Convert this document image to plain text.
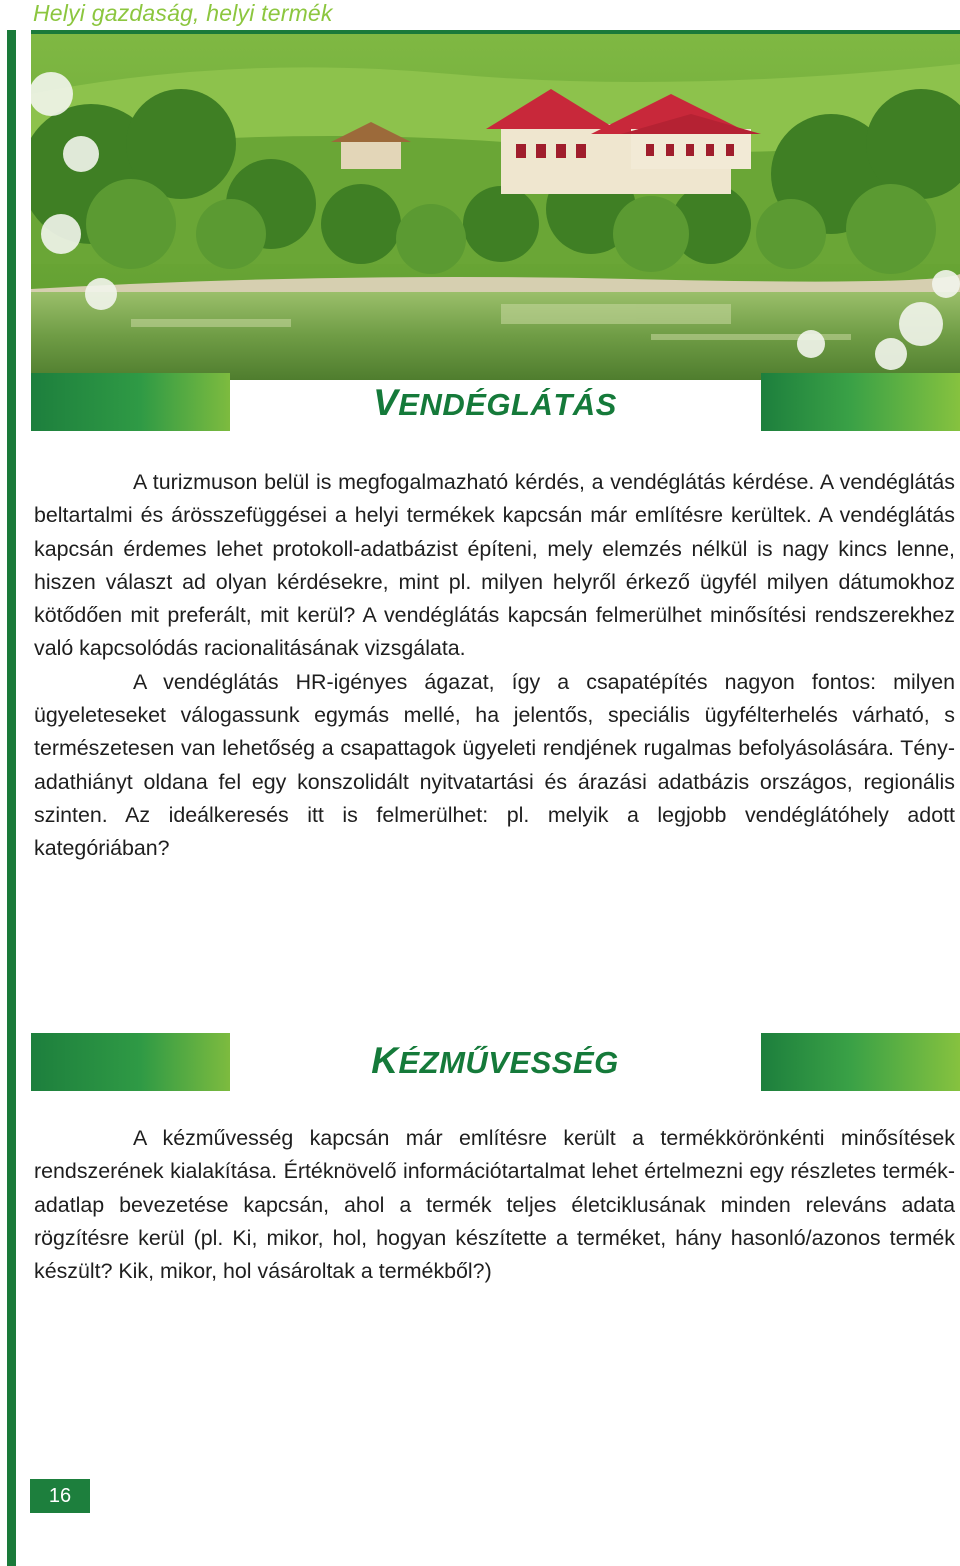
Helyi gazdaság, helyi termék
VENDÉGLÁTÁS

A turizmuson belül is megfogalmazható kérdés, a vendéglátás kérdése. A vendéglátás beltartalmi és árösszefüggései a helyi termékek kapcsán már említésre kerültek. A vendéglátás kapcsán érdemes lehet protokoll-adatbázist építeni, mely elemzés nélkül is nagy kincs lenne, hiszen választ ad olyan kérdésekre, mint pl. milyen helyről érkező ügyfél milyen dátumokhoz kötődően mit preferált, mit kerül? A vendéglátás kapcsán felmerülhet minősítési rendszerekhez való kapcsolódás racionalitásának vizsgálata.

A vendéglátás HR-igényes ágazat, így a csapatépítés nagyon fontos: milyen ügyeleteseket válogassunk egymás mellé, ha jelentős, speciális ügyfélterhelés várható, s természetesen van lehetőség a csapattagok ügyeleti rendjének rugalmas befolyásolására. Tény-adathiányt oldana fel egy konszolidált nyitvatartási és árazási adatbázis országos, regionális szinten. Az ideálkeresés itt is felmerülhet: pl. melyik a legjobb vendéglátóhely adott kategóriában?

KÉZMŰVESSÉG

A kézművesség kapcsán már említésre került a termékkörönkénti minősítések rendszerének kialakítása. Értéknövelő információtartalmat lehet értelmezni egy részletes termék-adatlap bevezetése kapcsán, ahol a termék teljes életciklusának minden releváns adata rögzítésre kerül (pl. Ki, mikor, hol, hogyan készítette a terméket, hány hasonló/azonos termék készült? Kik, mikor, hol vásároltak a termékből?)

16
